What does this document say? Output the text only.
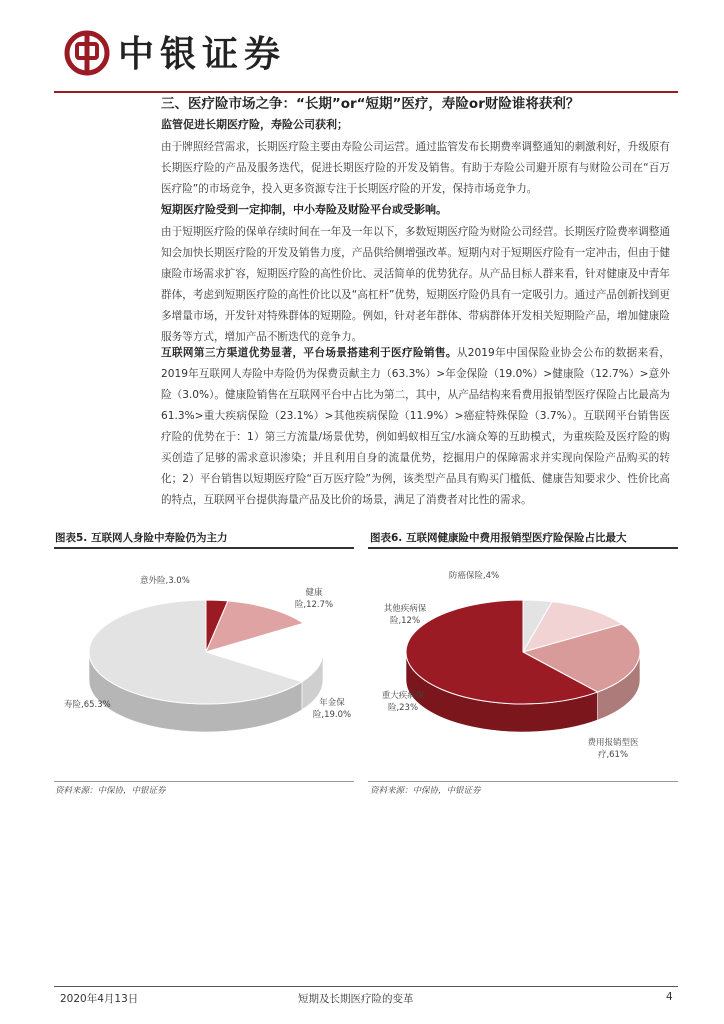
中银证券
三、医疗险市场之争：“长期”or“短期”医疗，寿险or财险谁将获利？
监管促进长期医疗险，寿险公司获利；
由于牌照经营需求，长期医疗险主要由寿险公司运营。通过监管发布长期费率调整通知的刺激利好，升级原有长期医疗险的产品及服务迭代，促进长期医疗险的开发及销售。有助于寿险公司避开原有与财险公司在“百万医疗险”的市场竞争，投入更多资源专注于长期医疗险的开发，保持市场竞争力。
短期医疗险受到一定抑制，中小寿险及财险平台或受影响。
由于短期医疗险的保单存续时间在一年及一年以下，多数短期医疗险为财险公司经营。长期医疗险费率调整通知会加快长期医疗险的开发及销售力度，产品供给侧增强改革。短期内对于短期医疗险有一定冲击，但由于健康险市场需求扩容，短期医疗险的高性价比、灵活简单的优势犹存。从产品目标人群来看，针对健康及中青年群体，考虑到短期医疗险的高性价比以及“高杠杆”优势，短期医疗险仍具有一定吸引力。通过产品创新找到更多增量市场，开发针对特殊群体的短期险。例如，针对老年群体、带病群体开发相关短期险产品，增加健康险服务等方式，增加产品不断迭代的竞争力。
互联网第三方渠道优势显著，平台场景搭建利于医疗险销售。从2019年中国保险业协会公布的数据来看，2019年互联网人寿险中寿险仍为保费贡献主力（63.3%）>年金保险（19.0%）>健康险（12.7%）>意外险（3.0%）。健康险销售在互联网平台中占比为第二，其中，从产品结构来看费用报销型医疗保险占比最高为61.3%>重大疾病保险（23.1%）>其他疾病保险（11.9%）>癌症特殊保险（3.7%）。互联网平台销售医疗险的优势在于：1）第三方流量/场景优势，例如蚂蚁相互宝/水滴众筹的互助模式，为重疾险及医疗险的购买创造了足够的需求意识渗染；并且利用自身的流量优势，挖掘用户的保障需求并实现向保险产品购买的转化；2）平台销售以短期医疗险“百万医疗险”为例，该类型产品具有购买门槛低、健康告知要求少、性价比高的特点，互联网平台提供海量产品及比价的场景，满足了消费者对比性的需求。
图表5. 互联网人身险中寿险仍为主力
意外险,3.0%
健康险,12.7%
年金保险,19.0%
寿险,65.3%
资料来源：中保协，中银证券
图表6. 互联网健康险中费用报销型医疗险保险占比最大
防癌保险,4%
其他疾病保险,12%
重大疾病保险,23%
费用报销型医疗,61%
资料来源：中保协，中银证券
2020年4月13日	短期及长期医疗险的变革	4
